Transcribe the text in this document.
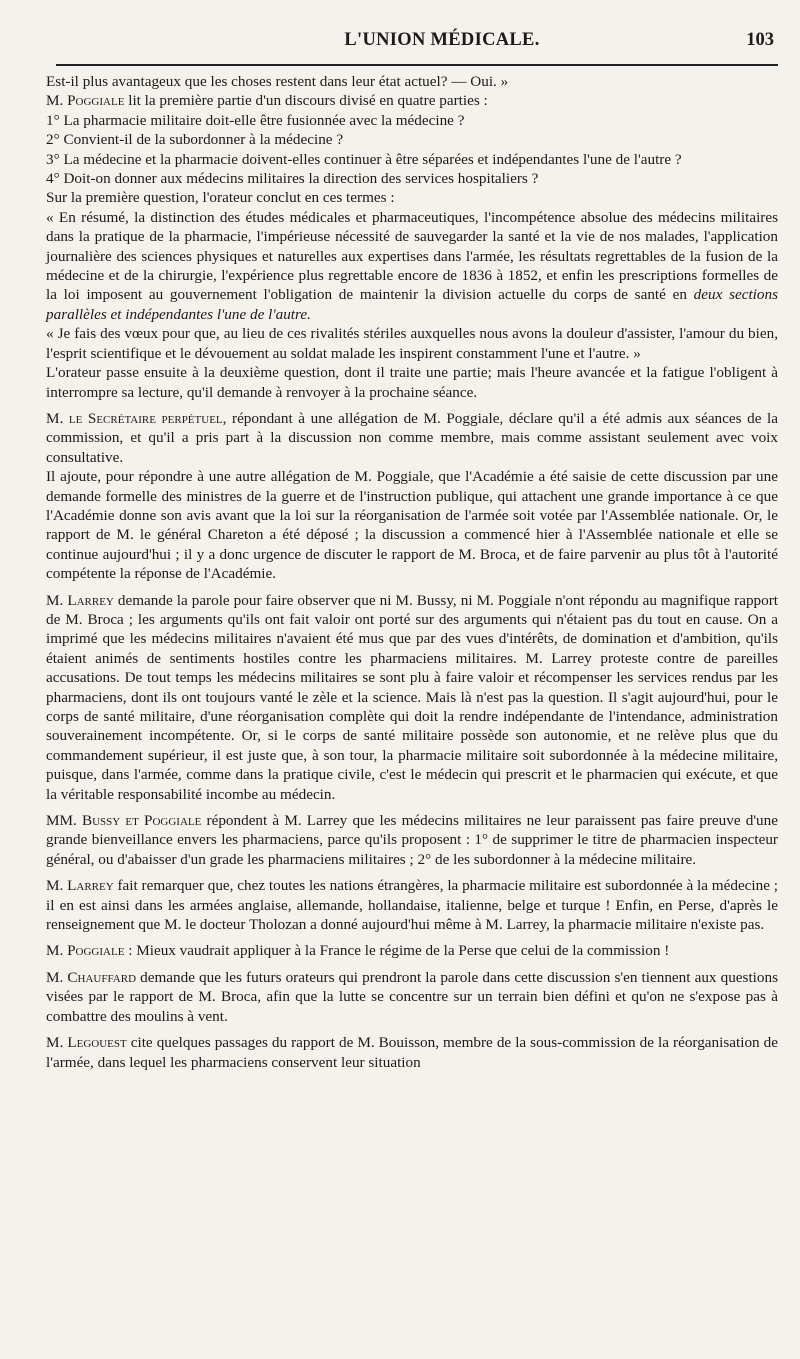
L'UNION MÉDICALE.	103

Est-il plus avantageux que les choses restent dans leur état actuel? — Oui. »

M. Poggiale lit la première partie d'un discours divisé en quatre parties :

1° La pharmacie militaire doit-elle être fusionnée avec la médecine ?

2° Convient-il de la subordonner à la médecine ?

3° La médecine et la pharmacie doivent-elles continuer à être séparées et indépendantes l'une de l'autre ?

4° Doit-on donner aux médecins militaires la direction des services hospitaliers ?

Sur la première question, l'orateur conclut en ces termes :

« En résumé, la distinction des études médicales et pharmaceutiques, l'incompétence absolue des médecins militaires dans la pratique de la pharmacie, l'impérieuse nécessité de sauvegarder la santé et la vie de nos malades, l'application journalière des sciences physiques et naturelles aux expertises dans l'armée, les résultats regrettables de la fusion de la médecine et de la chirurgie, l'expérience plus regrettable encore de 1836 à 1852, et enfin les prescriptions formelles de la loi imposent au gouvernement l'obligation de maintenir la division actuelle du corps de santé en deux sections parallèles et indépendantes l'une de l'autre.

« Je fais des vœux pour que, au lieu de ces rivalités stériles auxquelles nous avons la douleur d'assister, l'amour du bien, l'esprit scientifique et le dévouement au soldat malade les inspirent constamment l'une et l'autre. »

L'orateur passe ensuite à la deuxième question, dont il traite une partie; mais l'heure avancée et la fatigue l'obligent à interrompre sa lecture, qu'il demande à renvoyer à la prochaine séance.

M. le Secrétaire perpétuel, répondant à une allégation de M. Poggiale, déclare qu'il a été admis aux séances de la commission, et qu'il a pris part à la discussion non comme membre, mais comme assistant seulement avec voix consultative.

Il ajoute, pour répondre à une autre allégation de M. Poggiale, que l'Académie a été saisie de cette discussion par une demande formelle des ministres de la guerre et de l'instruction publique, qui attachent une grande importance à ce que l'Académie donne son avis avant que la loi sur la réorganisation de l'armée soit votée par l'Assemblée nationale. Or, le rapport de M. le général Chareton a été déposé ; la discussion a commencé hier à l'Assemblée nationale et elle se continue aujourd'hui ; il y a donc urgence de discuter le rapport de M. Broca, et de faire parvenir au plus tôt à l'autorité compétente la réponse de l'Académie.

M. Larrey demande la parole pour faire observer que ni M. Bussy, ni M. Poggiale n'ont répondu au magnifique rapport de M. Broca ; les arguments qu'ils ont fait valoir ont porté sur des arguments qui n'étaient pas du tout en cause. On a imprimé que les médecins militaires n'avaient été mus que par des vues d'intérêts, de domination et d'ambition, qu'ils étaient animés de sentiments hostiles contre les pharmaciens militaires. M. Larrey proteste contre de pareilles accusations. De tout temps les médecins militaires se sont plu à faire valoir et récompenser les services rendus par les pharmaciens, dont ils ont toujours vanté le zèle et la science. Mais là n'est pas la question. Il s'agit aujourd'hui, pour le corps de santé militaire, d'une réorganisation complète qui doit la rendre indépendante de l'intendance, administration souverainement incompétente. Or, si le corps de santé militaire possède son autonomie, et ne relève plus que du commandement supérieur, il est juste que, à son tour, la pharmacie militaire soit subordonnée à la médecine militaire, puisque, dans l'armée, comme dans la pratique civile, c'est le médecin qui prescrit et le pharmacien qui exécute, et que la véritable responsabilité incombe au médecin.

MM. Bussy et Poggiale répondent à M. Larrey que les médecins militaires ne leur paraissent pas faire preuve d'une grande bienveillance envers les pharmaciens, parce qu'ils proposent : 1° de supprimer le titre de pharmacien inspecteur général, ou d'abaisser d'un grade les pharmaciens militaires ; 2° de les subordonner à la médecine militaire.

M. Larrey fait remarquer que, chez toutes les nations étrangères, la pharmacie militaire est subordonnée à la médecine ; il en est ainsi dans les armées anglaise, allemande, hollandaise, italienne, belge et turque ! Enfin, en Perse, d'après le renseignement que M. le docteur Tholozan a donné aujourd'hui même à M. Larrey, la pharmacie militaire n'existe pas.

M. Poggiale : Mieux vaudrait appliquer à la France le régime de la Perse que celui de la commission !

M. Chauffard demande que les futurs orateurs qui prendront la parole dans cette discussion s'en tiennent aux questions visées par le rapport de M. Broca, afin que la lutte se concentre sur un terrain bien défini et qu'on ne s'expose pas à combattre des moulins à vent.

M. Legouest cite quelques passages du rapport de M. Bouisson, membre de la sous-commission de la réorganisation de l'armée, dans lequel les pharmaciens conservent leur situation
